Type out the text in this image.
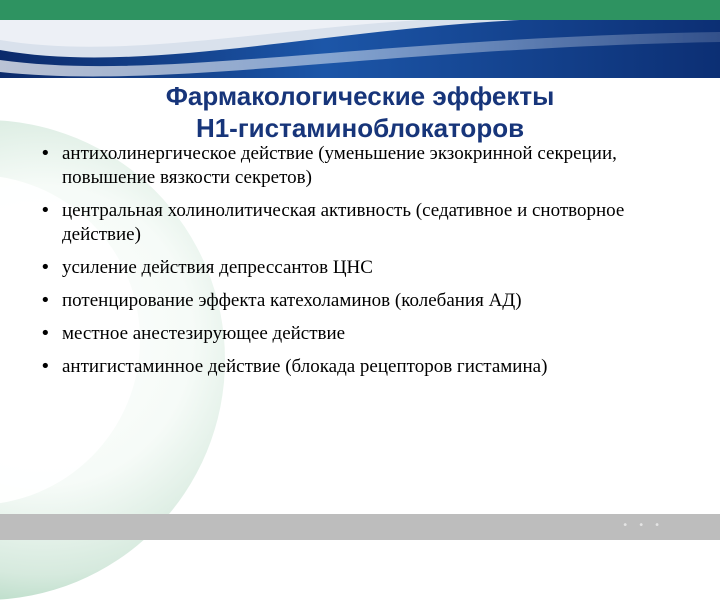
Фармакологические эффекты
Н1-гистаминоблокаторов
• антихолинергическое действие (уменьшение экзокринной секреции, повышение вязкости секретов)
• центральная холинолитическая активность (седативное и снотворное действие)
• усиление действия депрессантов ЦНС
• потенцирование эффекта катехоламинов (колебания АД)
• местное анестезирующее действие
• антигистаминное действие (блокада рецепторов гистамина)
•••
